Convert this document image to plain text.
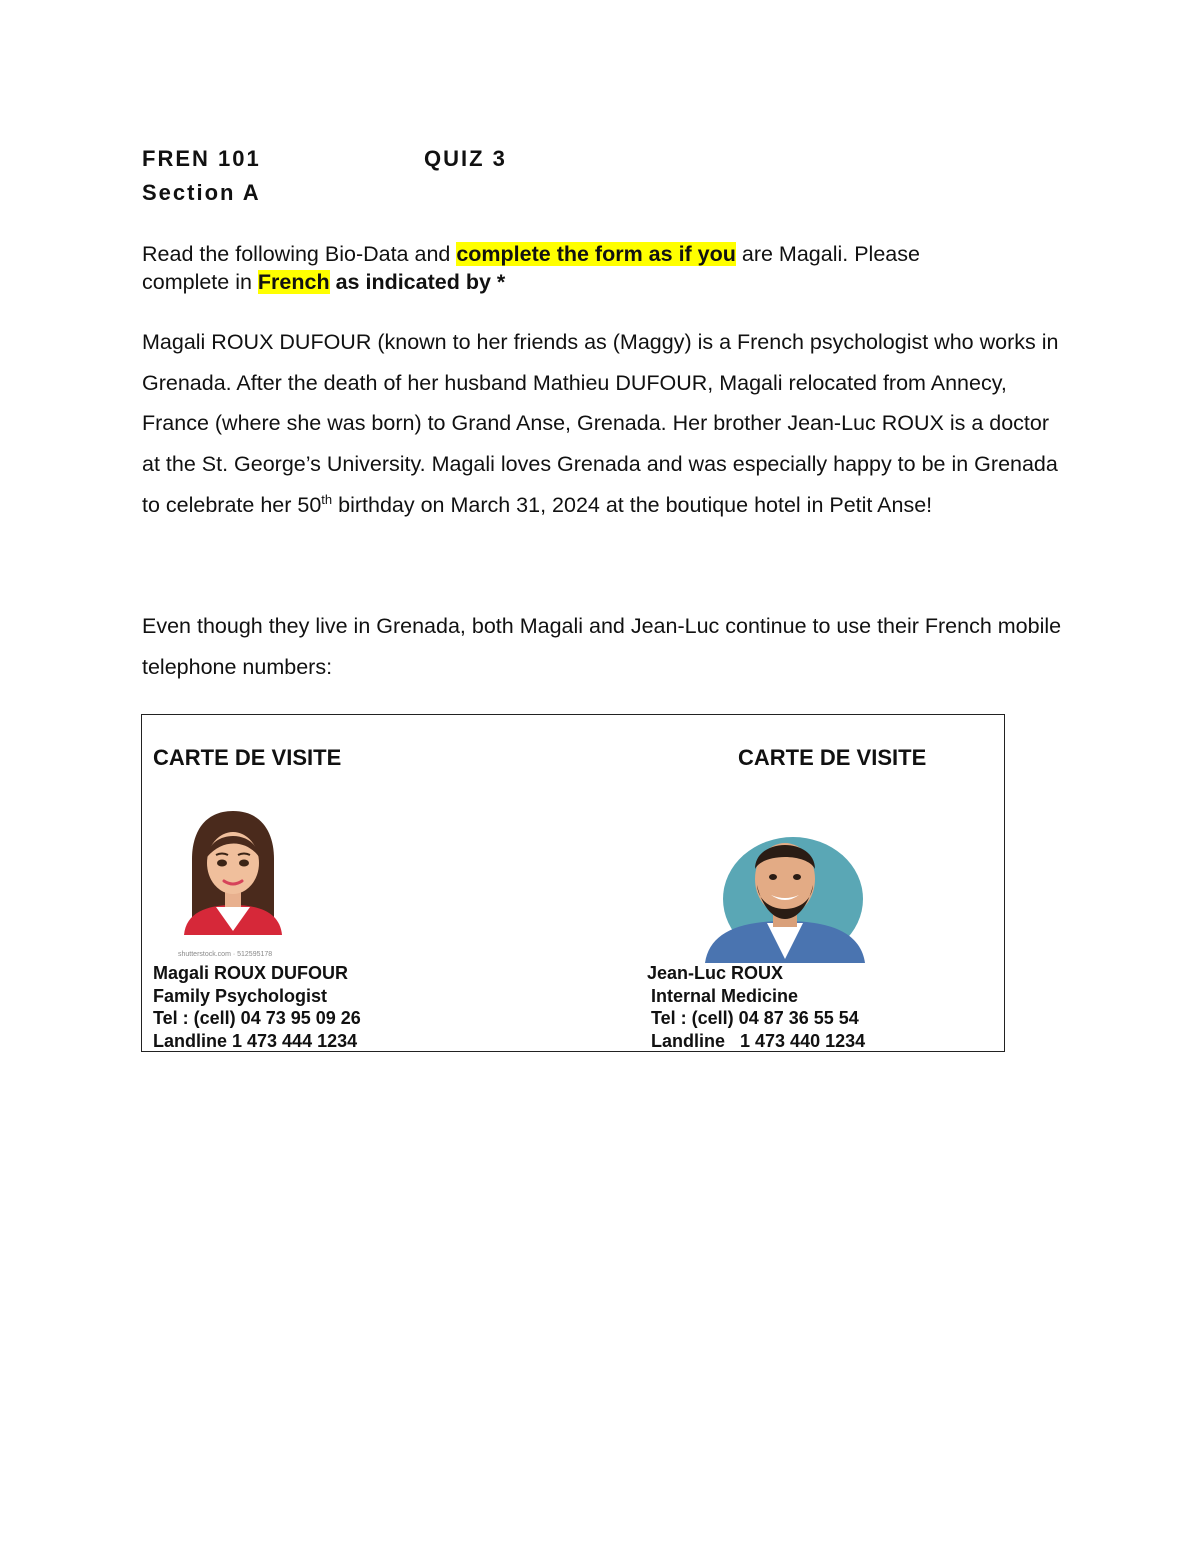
FREN 101	QUIZ 3
Section A
Read the following Bio-Data and complete the form as if you are Magali. Please
complete in French as indicated by *
Magali ROUX DUFOUR (known to her friends as (Maggy) is a French psychologist who works in Grenada. After the death of her husband Mathieu DUFOUR, Magali relocated from Annecy, France (where she was born) to Grand Anse, Grenada. Her brother Jean-Luc ROUX is a doctor at the St. George’s University. Magali loves Grenada and was especially happy to be in Grenada to celebrate her 50th birthday on March 31, 2024 at the boutique hotel in Petit Anse!
Even though they live in Grenada, both Magali and Jean-Luc continue to use their French mobile telephone numbers:
CARTE DE VISITE	CARTE DE VISITE
shutterstock.com · 512595178
Magali ROUX DUFOUR
Family Psychologist
Tel : (cell) 04 73 95 09 26
Landline 1 473 444 1234
Jean-Luc ROUX
Internal Medicine
Tel : (cell) 04 87 36 55 54
Landline   1 473 440 1234
